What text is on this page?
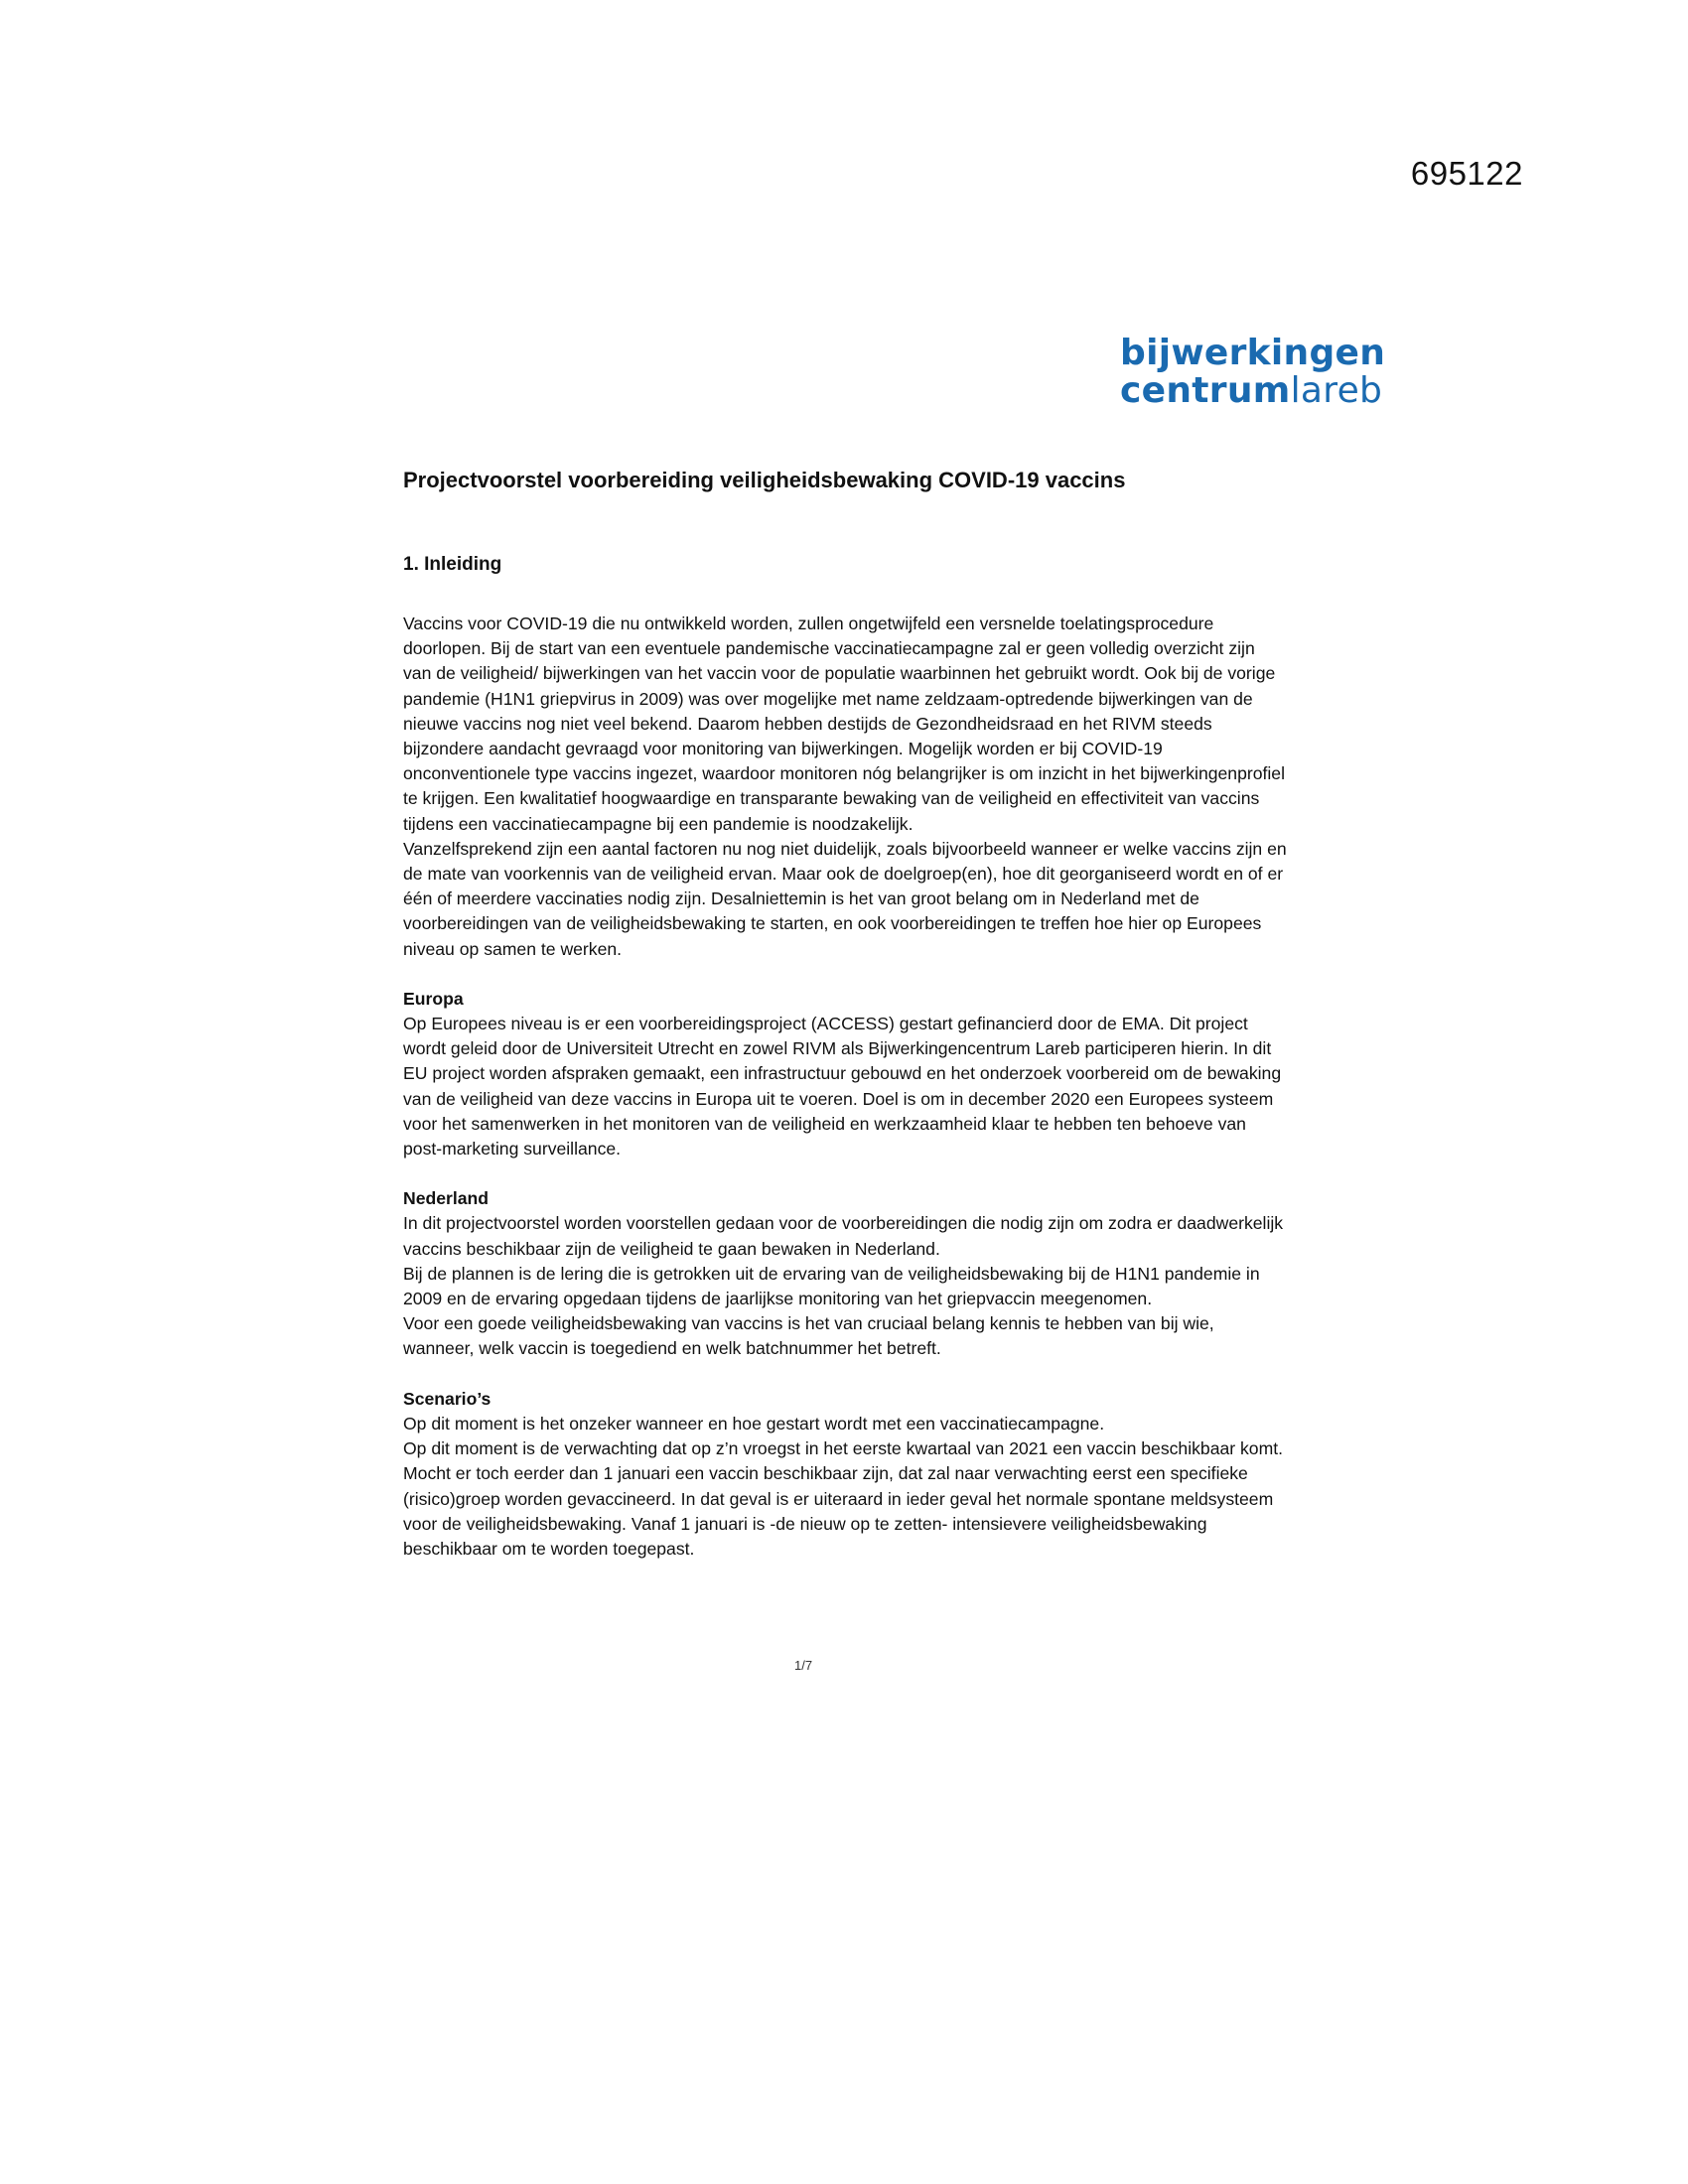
695122
bijwerkingen
centrumlareb
Projectvoorstel voorbereiding veiligheidsbewaking COVID-19 vaccins
1. Inleiding

Vaccins voor COVID-19 die nu ontwikkeld worden, zullen ongetwijfeld een versnelde toelatingsprocedure doorlopen. Bij de start van een eventuele pandemische vaccinatiecampagne zal er geen volledig overzicht zijn van de veiligheid/ bijwerkingen van het vaccin voor de populatie waarbinnen het gebruikt wordt. Ook bij de vorige pandemie (H1N1 griepvirus in 2009) was over mogelijke met name zeldzaam-optredende bijwerkingen van de nieuwe vaccins nog niet veel bekend. Daarom hebben destijds de Gezondheidsraad en het RIVM steeds bijzondere aandacht gevraagd voor monitoring van bijwerkingen. Mogelijk worden er bij COVID-19 onconventionele type vaccins ingezet, waardoor monitoren nóg belangrijker is om inzicht in het bijwerkingenprofiel te krijgen. Een kwalitatief hoogwaardige en transparante bewaking van de veiligheid en effectiviteit van vaccins tijdens een vaccinatiecampagne bij een pandemie is noodzakelijk.

Vanzelfsprekend zijn een aantal factoren nu nog niet duidelijk, zoals bijvoorbeeld wanneer er welke vaccins zijn en de mate van voorkennis van de veiligheid ervan. Maar ook de doelgroep(en), hoe dit georganiseerd wordt en of er één of meerdere vaccinaties nodig zijn. Desalniettemin is het van groot belang om in Nederland met de voorbereidingen van de veiligheidsbewaking te starten, en ook voorbereidingen te treffen hoe hier op Europees niveau op samen te werken.

Europa

Op Europees niveau is er een voorbereidingsproject (ACCESS) gestart gefinancierd door de EMA. Dit project wordt geleid door de Universiteit Utrecht en zowel RIVM als Bijwerkingencentrum Lareb participeren hierin. In dit EU project worden afspraken gemaakt, een infrastructuur gebouwd en het onderzoek voorbereid om de bewaking van de veiligheid van deze vaccins in Europa uit te voeren. Doel is om in december 2020 een Europees systeem voor het samenwerken in het monitoren van de veiligheid en werkzaamheid klaar te hebben ten behoeve van post-marketing surveillance.

Nederland

In dit projectvoorstel worden voorstellen gedaan voor de voorbereidingen die nodig zijn om zodra er daadwerkelijk vaccins beschikbaar zijn de veiligheid te gaan bewaken in Nederland.

Bij de plannen is de lering die is getrokken uit de ervaring van de veiligheidsbewaking bij de H1N1 pandemie in 2009 en de ervaring opgedaan tijdens de jaarlijkse monitoring van het griepvaccin meegenomen.

Voor een goede veiligheidsbewaking van vaccins is het van cruciaal belang kennis te hebben van bij wie, wanneer, welk vaccin is toegediend en welk batchnummer het betreft.

Scenario’s

Op dit moment is het onzeker wanneer en hoe gestart wordt met een vaccinatiecampagne.

Op dit moment is de verwachting dat op z’n vroegst in het eerste kwartaal van 2021 een vaccin beschikbaar komt. Mocht er toch eerder dan 1 januari een vaccin beschikbaar zijn, dat zal naar verwachting eerst een specifieke (risico)groep worden gevaccineerd. In dat geval is er uiteraard in ieder geval het normale spontane meldsysteem voor de veiligheidsbewaking. Vanaf 1 januari is -de nieuw op te zetten- intensievere veiligheidsbewaking beschikbaar om te worden toegepast.

1/7
